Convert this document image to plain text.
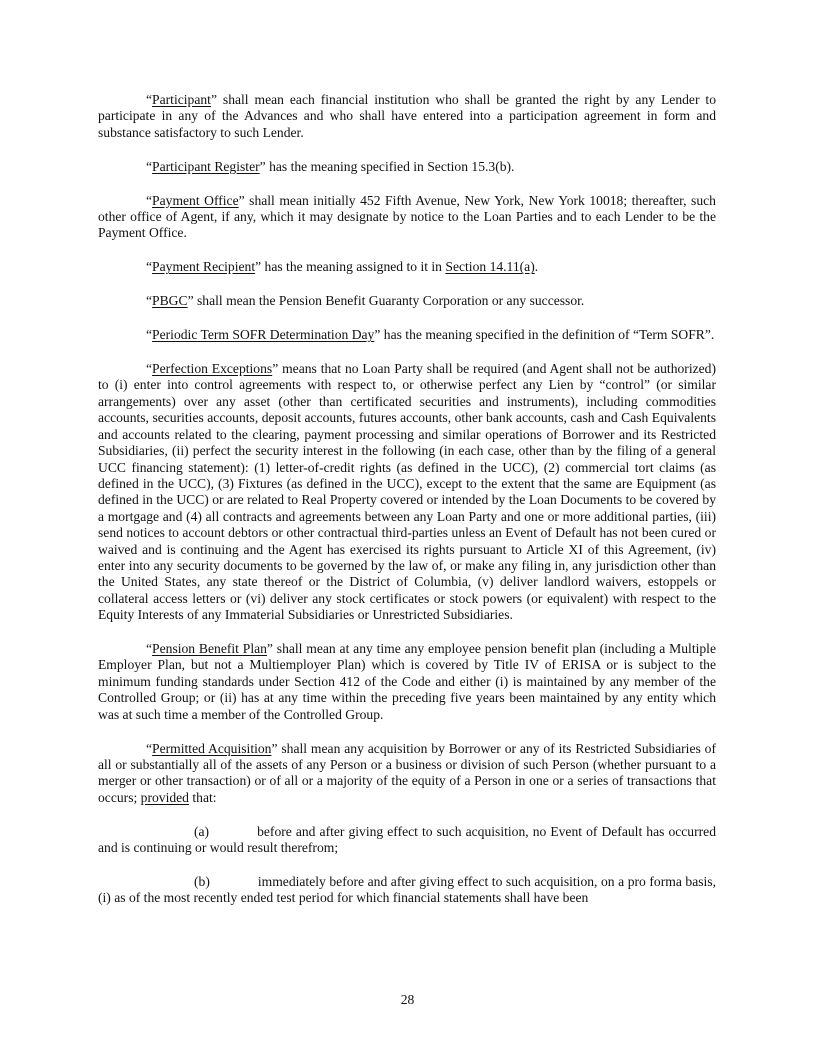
“Participant” shall mean each financial institution who shall be granted the right by any Lender to participate in any of the Advances and who shall have entered into a participation agreement in form and substance satisfactory to such Lender.

“Participant Register” has the meaning specified in Section 15.3(b).

“Payment Office” shall mean initially 452 Fifth Avenue, New York, New York 10018; thereafter, such other office of Agent, if any, which it may designate by notice to the Loan Parties and to each Lender to be the Payment Office.

“Payment Recipient” has the meaning assigned to it in Section 14.11(a).

“PBGC” shall mean the Pension Benefit Guaranty Corporation or any successor.

“Periodic Term SOFR Determination Day” has the meaning specified in the definition of “Term SOFR”.

“Perfection Exceptions” means that no Loan Party shall be required (and Agent shall not be authorized) to (i) enter into control agreements with respect to, or otherwise perfect any Lien by “control” (or similar arrangements) over any asset (other than certificated securities and instruments), including commodities accounts, securities accounts, deposit accounts, futures accounts, other bank accounts, cash and Cash Equivalents and accounts related to the clearing, payment processing and similar operations of Borrower and its Restricted Subsidiaries, (ii) perfect the security interest in the following (in each case, other than by the filing of a general UCC financing statement): (1) letter-of-credit rights (as defined in the UCC), (2) commercial tort claims (as defined in the UCC), (3) Fixtures (as defined in the UCC), except to the extent that the same are Equipment (as defined in the UCC) or are related to Real Property covered or intended by the Loan Documents to be covered by a mortgage and (4) all contracts and agreements between any Loan Party and one or more additional parties, (iii) send notices to account debtors or other contractual third-parties unless an Event of Default has not been cured or waived and is continuing and the Agent has exercised its rights pursuant to Article XI of this Agreement, (iv) enter into any security documents to be governed by the law of, or make any filing in, any jurisdiction other than the United States, any state thereof or the District of Columbia, (v) deliver landlord waivers, estoppels or collateral access letters or (vi) deliver any stock certificates or stock powers (or equivalent) with respect to the Equity Interests of any Immaterial Subsidiaries or Unrestricted Subsidiaries.

“Pension Benefit Plan” shall mean at any time any employee pension benefit plan (including a Multiple Employer Plan, but not a Multiemployer Plan) which is covered by Title IV of ERISA or is subject to the minimum funding standards under Section 412 of the Code and either (i) is maintained by any member of the Controlled Group; or (ii) has at any time within the preceding five years been maintained by any entity which was at such time a member of the Controlled Group.

“Permitted Acquisition” shall mean any acquisition by Borrower or any of its Restricted Subsidiaries of all or substantially all of the assets of any Person or a business or division of such Person (whether pursuant to a merger or other transaction) or of all or a majority of the equity of a Person in one or a series of transactions that occurs; provided that:

(a)	before and after giving effect to such acquisition, no Event of Default has occurred and is continuing or would result therefrom;

(b)	immediately before and after giving effect to such acquisition, on a pro forma basis, (i) as of the most recently ended test period for which financial statements shall have been

28
